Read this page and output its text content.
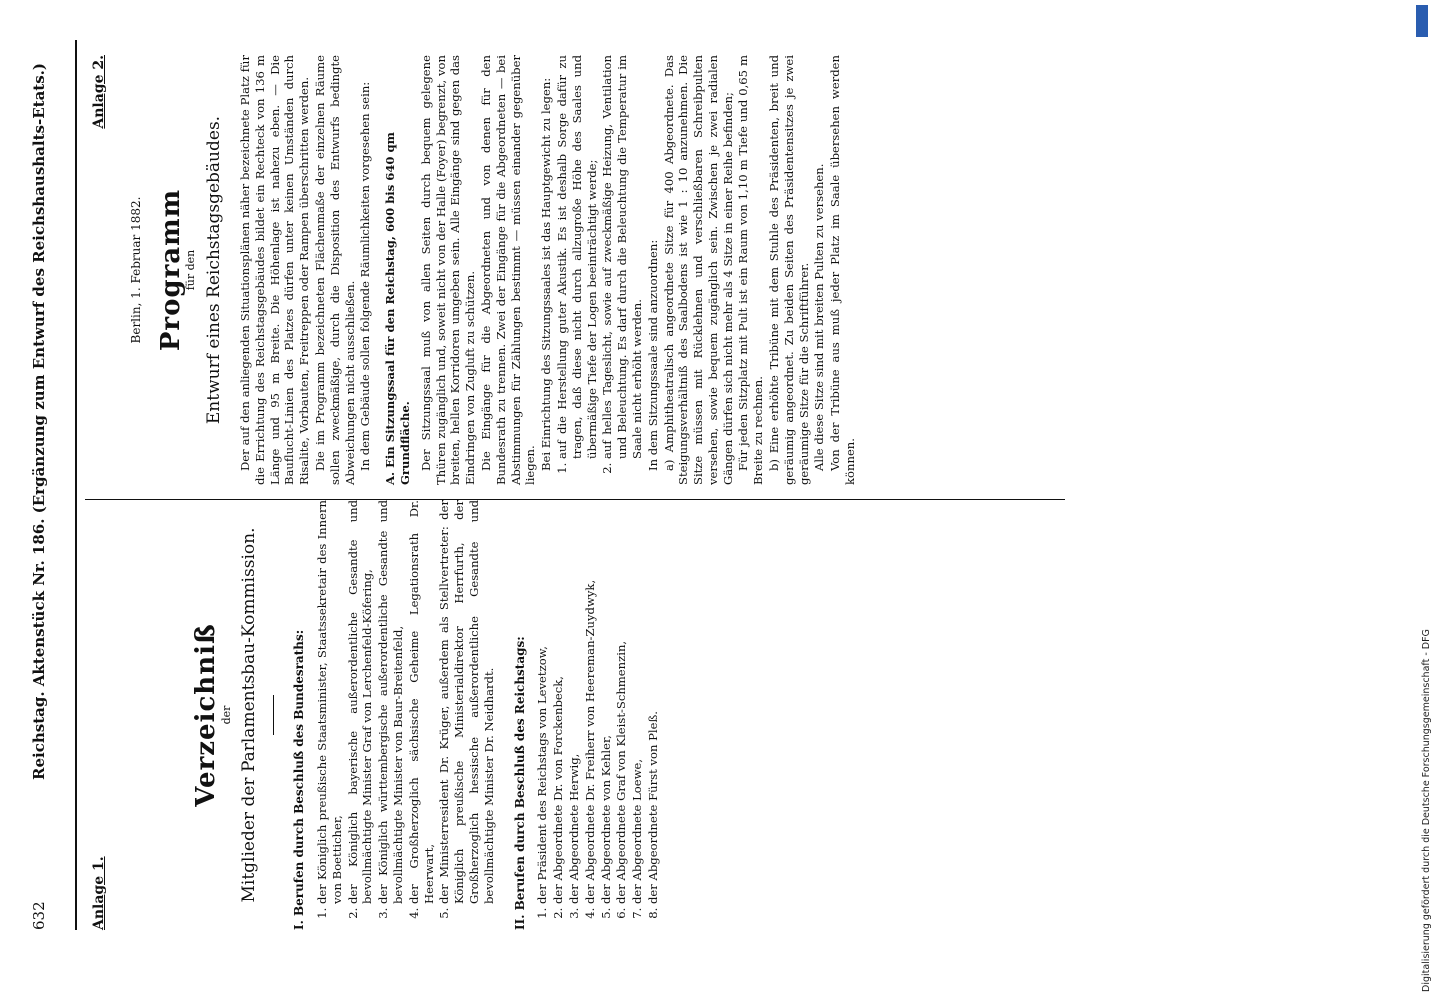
632
Reichstag. Aktenstück Nr. 186. (Ergänzung zum Entwurf des Reichshaushalts-Etats.)
Anlage 1.
Verzeichniß
der Mitglieder der Parlamentsbau-Kommission.	I. Berufen durch Beschluß des Bundesraths: 1. der Königlich preußische Staatsminister, Staatssekretair des Innern von Boetticher, 2. der Königlich bayerische außerordentliche Gesandte und bevollmächtigte Minister Graf von Lerchenfeld-Köfering, 3. der Königlich württembergische außerordentliche Gesandte und bevollmächtigte Minister von Baur-Breitenfeld, 4. der Großherzoglich sächsische Geheime Legationsrath Dr. Heerwart, 5. der Ministerresident Dr. Krüger, außerdem als Stellvertreter: der Königlich preußische Ministerialdirektor Herrfurth, der Großherzoglich hessische außerordentliche Gesandte und bevollmächtigte Minister Dr. Neidhardt. II. Berufen durch Beschluß des Reichstags: 1. der Präsident des Reichstags von Levetzow, 2. der Abgeordnete Dr. von Forckenbeck, 3. der Abgeordnete Herwig, 4. der Abgeordnete Dr. Freiherr von Heereman-Zuydwyk, 5. der Abgeordnete von Kehler, 6. der Abgeordnete Graf von Kleist-Schmenzin, 7. der Abgeordnete Loewe, 8. der Abgeordnete Fürst von Pleß.
Anlage 2.
Berlin, 1. Februar 1882. Programm
für den Entwurf eines Reichstagsgebäudes. Der auf den anliegenden Situationsplänen näher bezeichnete Platz für die Errichtung des Reichstagsgebäudes bildet ein Rechteck von 136 m Länge und 95 m Breite. Die Höhenlage ist nahezu eben. — Die Bauflucht-Linien des Platzes dürfen unter keinen Umständen durch Risalite, Vorbauten, Freitreppen oder Rampen überschritten werden. Die im Programm bezeichneten Flächenmaße der einzelnen Räume sollen zweckmäßige, durch die Disposition des Entwurfs bedingte Abweichungen nicht ausschließen. In dem Gebäude sollen folgende Räumlichkeiten vorgesehen sein: A. Ein Sitzungssaal für den Reichstag, 600 bis 640 qm Grundfläche. Der Sitzungssaal muß von allen Seiten durch bequem gelegene Thüren zugänglich und, soweit nicht von der Halle (Foyer) begrenzt, von breiten, hellen Korridoren umgeben sein. Alle Eingänge sind gegen das Eindringen von Zugluft zu schützen. Die Eingänge für die Abgeordneten und von denen für den Bundesrath zu trennen. Zwei der Eingänge für die Abgeordneten — bei Abstimmungen für Zählungen bestimmt — müssen einander gegenüber liegen. Bei Einrichtung des Sitzungssaales ist das Hauptgewicht zu legen: 1. auf die Herstellung guter Akustik. Es ist deshalb Sorge dafür zu tragen, daß diese nicht durch allzugroße Höhe des Saales und übermäßige Tiefe der Logen beeinträchtigt werde; 2. auf helles Tageslicht, sowie auf zweckmäßige Heizung, Ventilation und Beleuchtung. Es darf durch die Beleuchtung die Temperatur im Saale nicht erhöht werden. In dem Sitzungssaale sind anzuordnen: a) Amphitheatralisch angeordnete Sitze für 400 Abgeordnete. Das Steigungsverhältniß des Saalbodens ist wie 1 : 10 anzunehmen. Die Sitze müssen mit Rücklehnen und verschließbaren Schreibpulten versehen, sowie bequem zugänglich sein. Zwischen je zwei radialen Gängen dürfen sich nicht mehr als 4 Sitze in einer Reihe befinden; Für jeden Sitzplatz mit Pult ist ein Raum von 1,10 m Tiefe und 0,65 m Breite zu rechnen. b) Eine erhöhte Tribüne mit dem Stuhle des Präsidenten, breit und geräumig angeordnet. Zu beiden Seiten des Präsidentensitzes je zwei geräumige Sitze für die Schriftführer. Alle diese Sitze sind mit breiten Pulten zu versehen. Von der Tribüne aus muß jeder Platz im Saale übersehen werden können.

Digitalisierung gefördert durch die Deutsche Forschungsgemeinschaft - DFG
